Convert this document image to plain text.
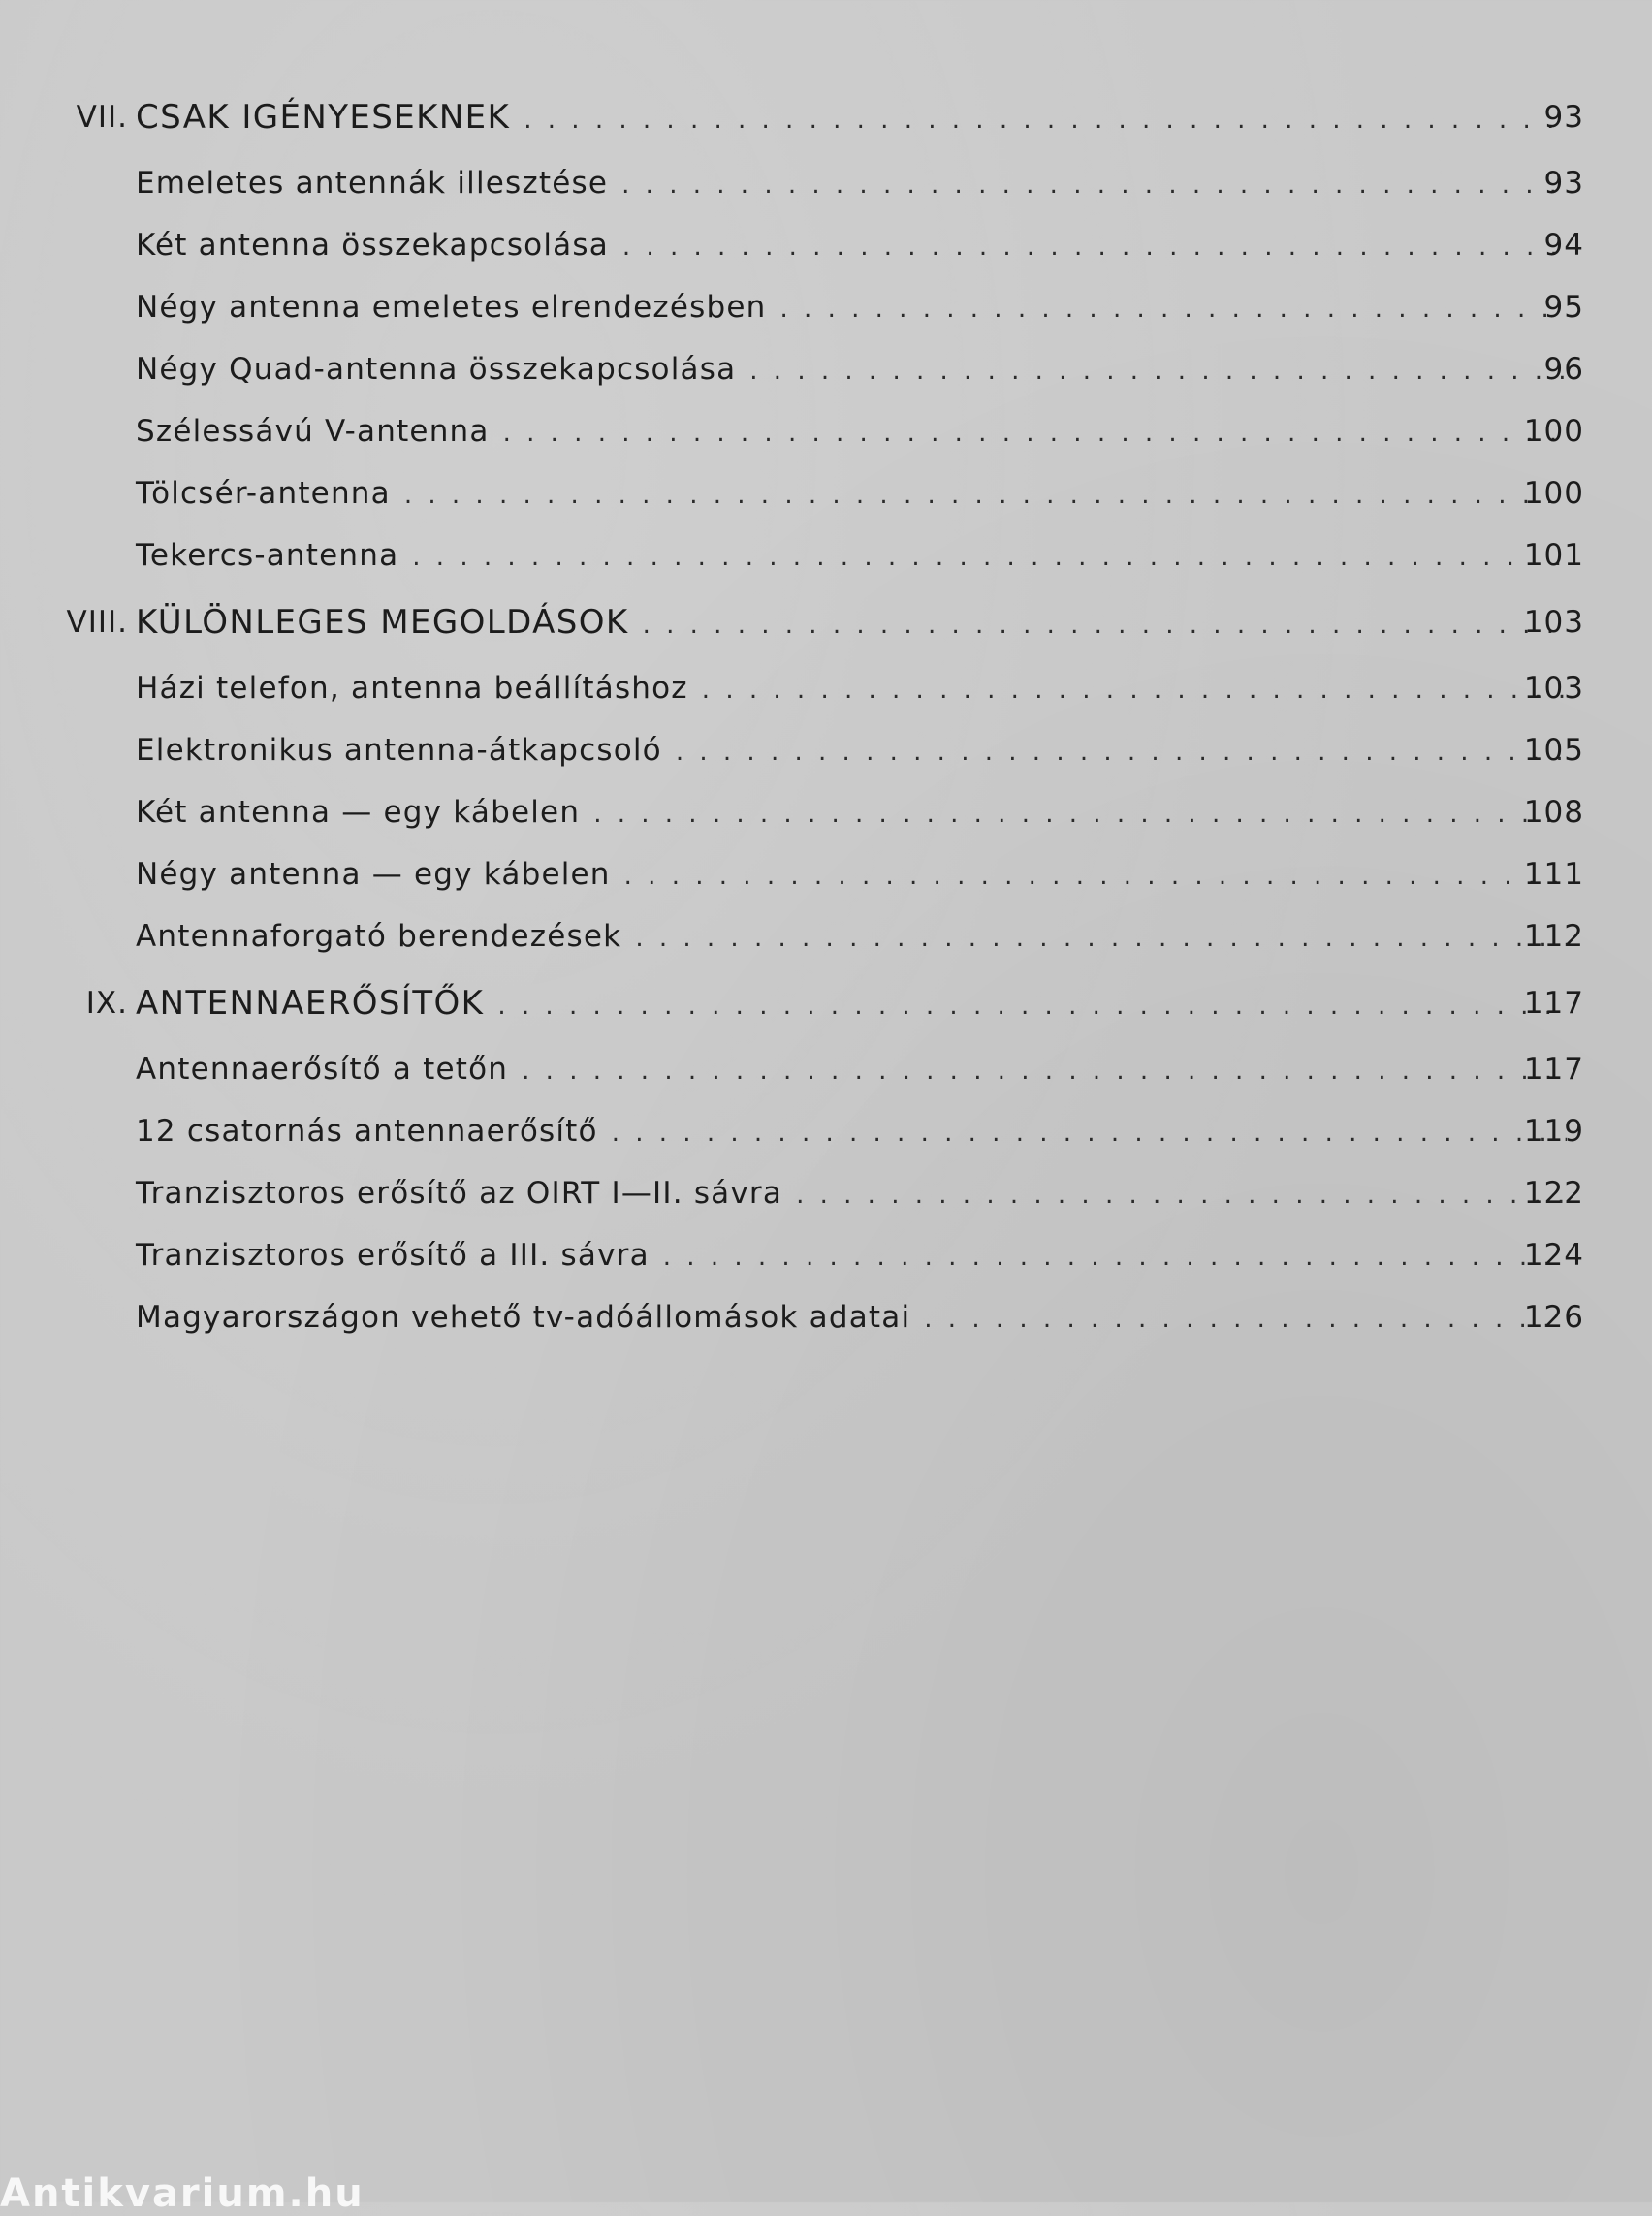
VII. CSAK IGÉNYESEKNEK . . .	93
Emeletes antennák illesztése . . .	93
Két antenna összekapcsolása . . .	94
Négy antenna emeletes elrendezésben . . .	95
Négy Quad-antenna összekapcsolása . . .	96
Szélessávú V-antenna . . .	100
Tölcsér-antenna . . .	100
Tekercs-antenna . . .	101
VIII. KÜLÖNLEGES MEGOLDÁSOK . . .	103
Házi telefon, antenna beállításhoz . . .	103
Elektronikus antenna-átkapcsoló . . .	105
Két antenna — egy kábelen . . .	108
Négy antenna — egy kábelen . . .	111
Antennaforgató berendezések . . .	112
IX. ANTENNAERŐSÍTŐK . . .	117
Antennaerősítő a tetőn . . .	117
12 csatornás antennaerősítő . . .	119
Tranzisztoros erősítő az OIRT I—II. sávra . . .	122
Tranzisztoros erősítő a III. sávra . . .	124
Magyarországon vehető tv-adóállomások adatai . . .	126
Antikvarium.hu
